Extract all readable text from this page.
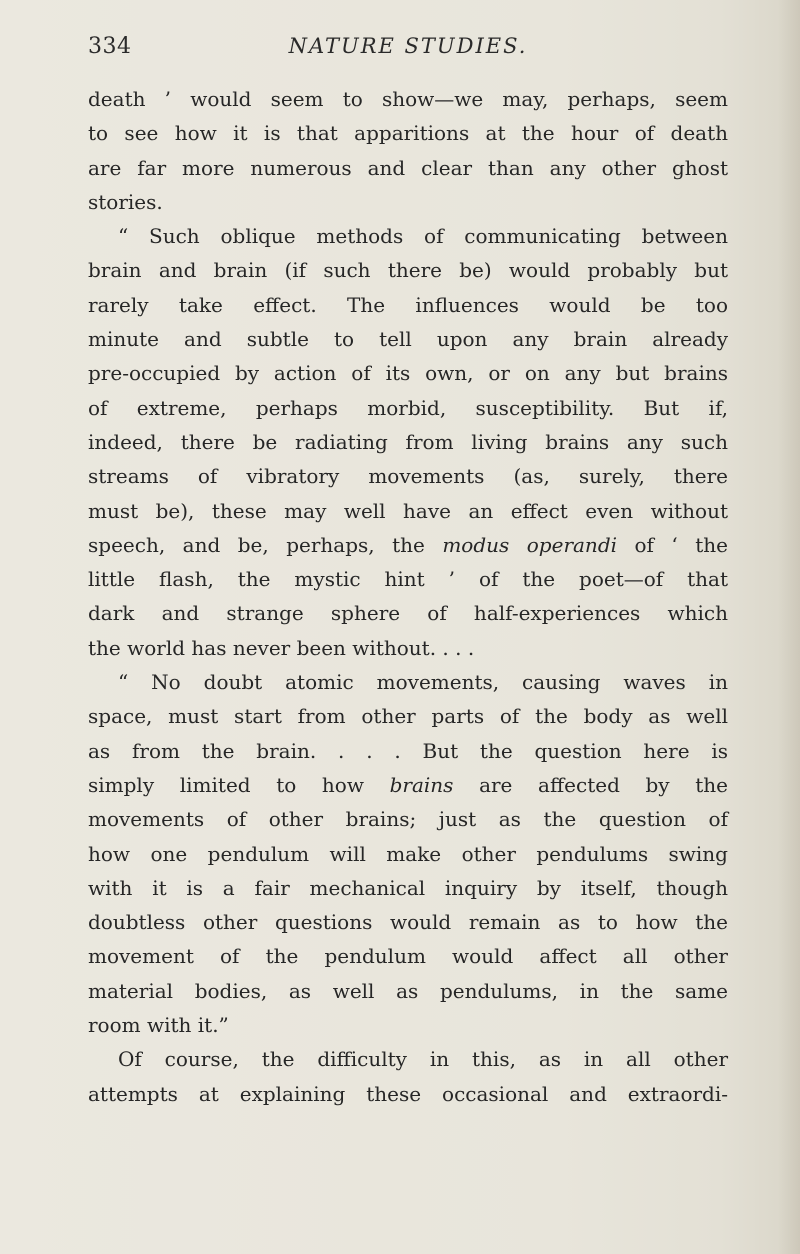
334	NATURE STUDIES.
death ’ would seem to show—we may, perhaps, seem
to see how it is that apparitions at the hour of death
are far more numerous and clear than any other ghost
stories.
“ Such oblique methods of communicating between
brain and brain (if such there be) would probably but
rarely take effect. The influences would be too
minute and subtle to tell upon any brain already
pre-occupied by action of its own, or on any but brains
of extreme, perhaps morbid, susceptibility. But if,
indeed, there be radiating from living brains any such
streams of vibratory movements (as, surely, there
must be), these may well have an effect even without
speech, and be, perhaps, the modus operandi of ‘ the
little flash, the mystic hint ’ of the poet—of that
dark and strange sphere of half-experiences which
the world has never been without. . . .
“ No doubt atomic movements, causing waves in
space, must start from other parts of the body as well
as from the brain. . . . But the question here is
simply limited to how brains are affected by the
movements of other brains; just as the question of
how one pendulum will make other pendulums swing
with it is a fair mechanical inquiry by itself, though
doubtless other questions would remain as to how the
movement of the pendulum would affect all other
material bodies, as well as pendulums, in the same
room with it.”
Of course, the difficulty in this, as in all other
attempts at explaining these occasional and extraordi-
